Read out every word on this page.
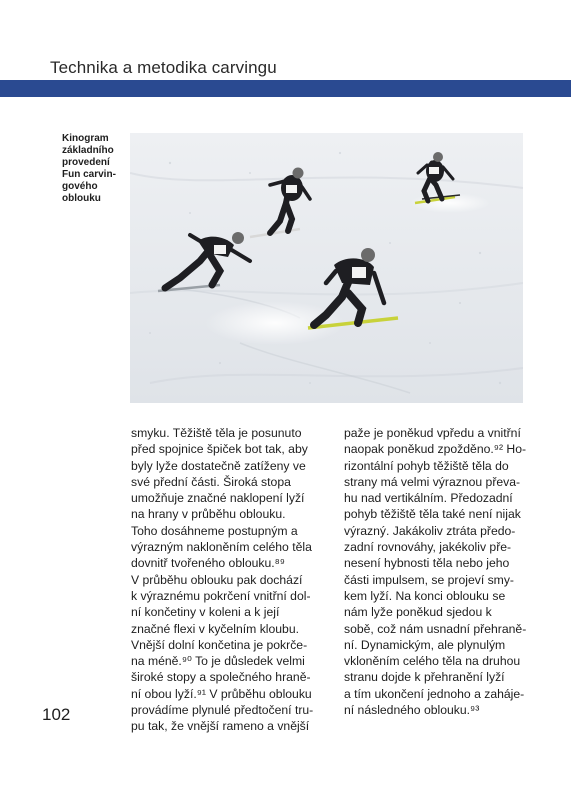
Technika a metodika carvingu

Kinogram
základního
provedení
Fun carvin-
gového
oblouku

smyku. Těžiště těla je posunuto
před spojnice špiček bot tak, aby
byly lyže dostatečně zatíženy ve
své přední části. Široká stopa
umožňuje značné naklopení lyží
na hrany v průběhu oblouku.
Toho dosáhneme postupným a
výrazným nakloněním celého těla
dovnitř tvořeného oblouku.⁸⁹
V průběhu oblouku pak dochází
k výraznému pokrčení vnitřní dol-
ní končetiny v koleni a k její
značné flexi v kyčelním kloubu.
Vnější dolní končetina je pokrče-
na méně.⁹⁰ To je důsledek velmi
široké stopy a společného hraně-
ní obou lyží.⁹¹ V průběhu oblouku
provádíme plynulé předtočení tru-
pu tak, že vnější rameno a vnější

paže je poněkud vpředu a vnitřní
naopak poněkud zpožděno.⁹² Ho-
rizontální pohyb těžiště těla do
strany má velmi výraznou převa-
hu nad vertikálním. Předozadní
pohyb těžiště těla také není nijak
výrazný. Jakákoliv ztráta předo-
zadní rovnováhy, jakékoliv pře-
nesení hybnosti těla nebo jeho
části impulsem, se projeví smy-
kem lyží. Na konci oblouku se
nám lyže poněkud sjedou k
sobě, což nám usnadní přehraně-
ní. Dynamickým, ale plynulým
vkloněním celého těla na druhou
stranu dojde k přehranění lyží
a tím ukončení jednoho a zaháje-
ní následného oblouku.⁹³

102
